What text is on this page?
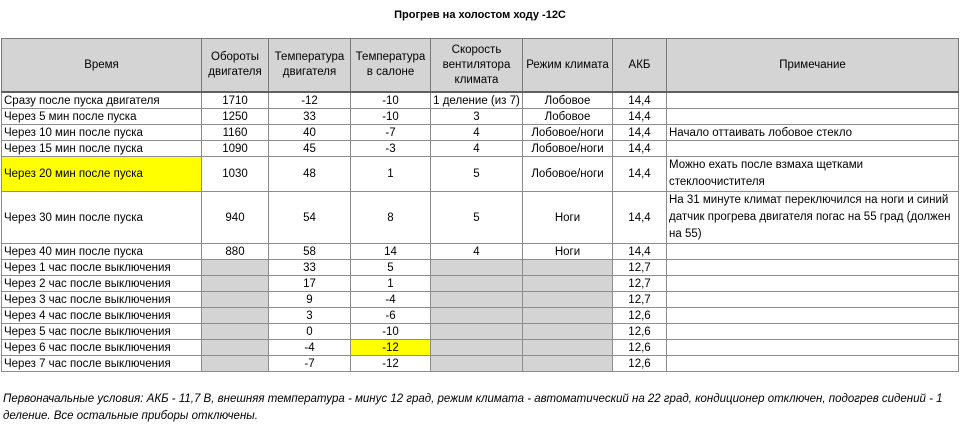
Прогрев на холостом ходу -12С
Время	Обороты двигателя	Температура двигателя	Температура в салоне	Скорость вентилятора климата	Режим климата	АКБ	Примечание
Сразу после пуска двигателя	1710	-12	-10	1 деление (из 7)	Лобовое	14,4	
Через 5 мин после пуска	1250	33	-10	3	Лобовое	14,4	
Через 10 мин после пуска	1160	40	-7	4	Лобовое/ноги	14,4	Начало оттаивать лобовое стекло
Через 15 мин после пуска	1090	45	-3	4	Лобовое/ноги	14,4	
Через 20 мин после пуска	1030	48	1	5	Лобовое/ноги	14,4	Можно ехать после взмаха щетками стеклоочистителя
Через 30 мин после пуска	940	54	8	5	Ноги	14,4	На 31 минуте климат переключился на ноги и синий датчик прогрева двигателя погас на 55 град (должен на 55)
Через 40 мин после пуска	880	58	14	4	Ноги	14,4	
Через 1 час после выключения		33	5			12,7	
Через 2 час после выключения		17	1			12,7	
Через 3 час после выключения		9	-4			12,7	
Через 4 час после выключения		3	-6			12,6	
Через 5 час после выключения		0	-10			12,6	
Через 6 час после выключения		-4	-12			12,6	
Через 7 час после выключения		-7	-12			12,6	
Первоначальные условия: АКБ - 11,7 В, внешняя температура - минус 12 град, режим климата - автоматический на 22 град, кондиционер отключен, подогрев сидений - 1 деление. Все остальные приборы отключены.
